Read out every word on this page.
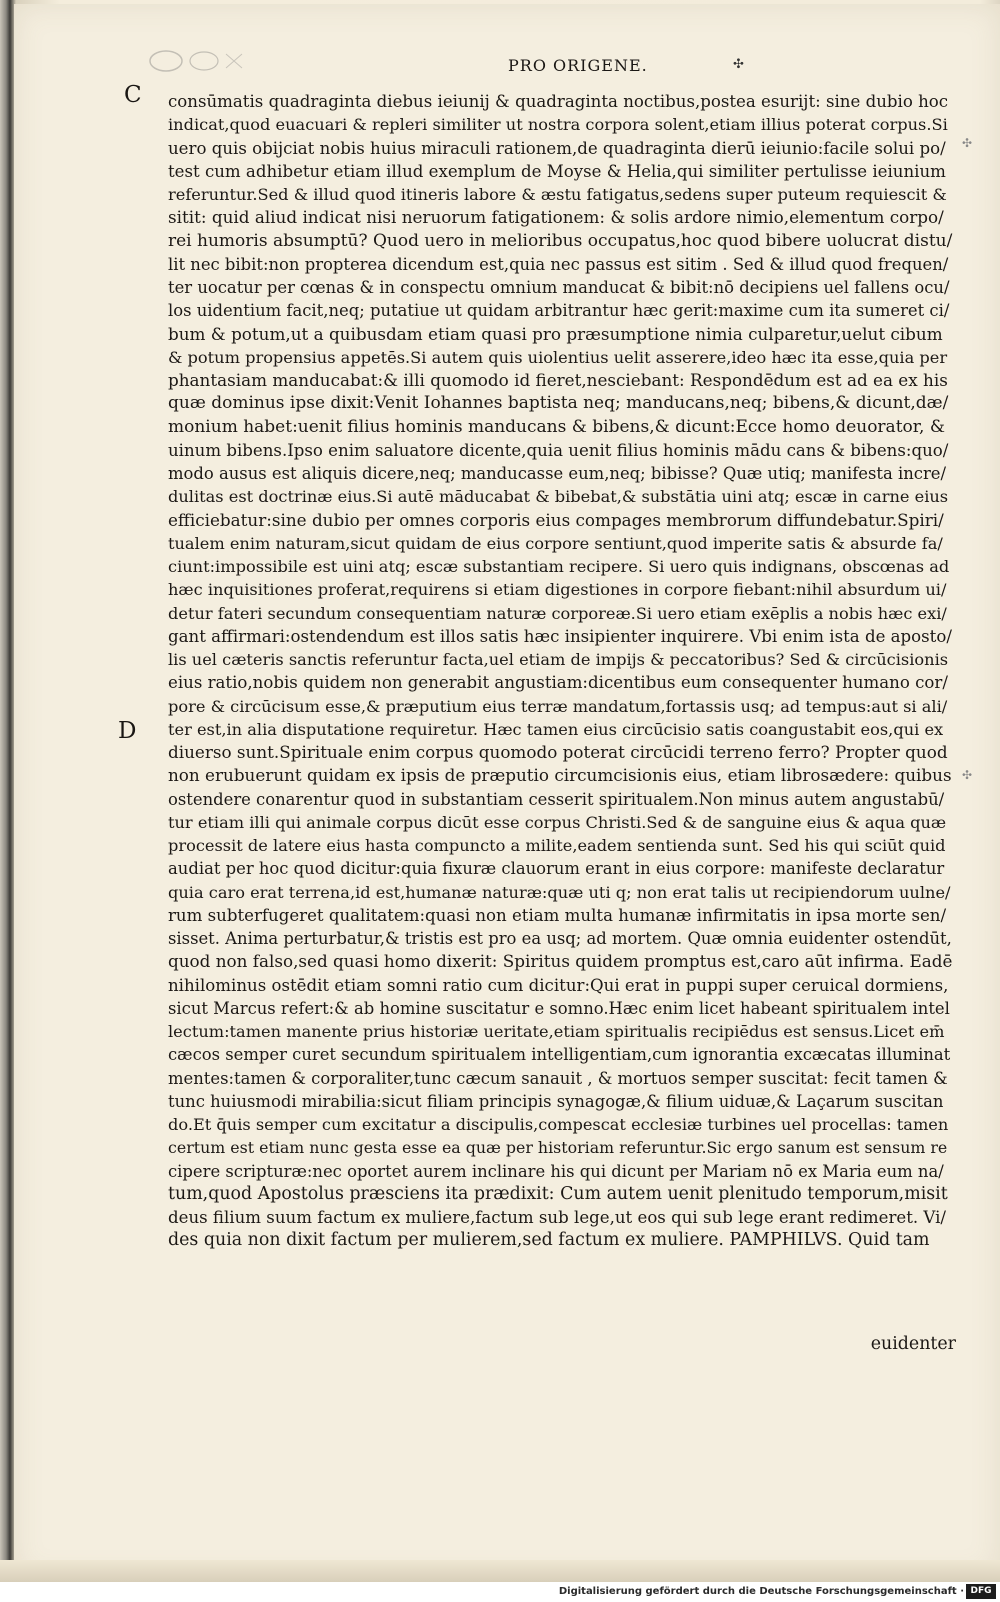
PRO ORIGENE.	✣
C
D
✣
✣
consūmatis quadraginta diebus ieiunij & quadraginta noctibus,postea esurijt: sine dubio hoc
indicat,quod euacuari & repleri similiter ut nostra corpora solent,etiam illius poterat corpus.Si
uero quis obijciat nobis huius miraculi rationem,de quadraginta dierū ieiunio:facile solui po/
test cum adhibetur etiam illud exemplum de Moyse & Helia,qui similiter pertulisse ieiunium
referuntur.Sed & illud quod itineris labore & æstu fatigatus,sedens super puteum requiescit &
sitit: quid aliud indicat nisi neruorum fatigationem: & solis ardore nimio,elementum corpo/
rei humoris absumptū? Quod uero in melioribus occupatus,hoc quod bibere uolucrat distu/
lit nec bibit:non propterea dicendum est,quia nec passus est sitim . Sed & illud quod frequen/
ter uocatur per cœnas & in conspectu omnium manducat & bibit:nō decipiens uel fallens ocu/
los uidentium facit,neq; putatiue ut quidam arbitrantur hæc gerit:maxime cum ita sumeret ci/
bum & potum,ut a quibusdam etiam quasi pro præsumptione nimia culparetur,uelut cibum
& potum propensius appetēs.Si autem quis uiolentius uelit asserere,ideo hæc ita esse,quia per
phantasiam manducabat:& illi quomodo id fieret,nesciebant: Respondēdum est ad ea ex his
quæ dominus ipse dixit:Venit Iohannes baptista neq; manducans,neq; bibens,& dicunt,dæ/
monium habet:uenit filius hominis manducans & bibens,& dicunt:Ecce homo deuorator, &
uinum bibens.Ipso enim saluatore dicente,quia uenit filius hominis mādu cans & bibens:quo/
modo ausus est aliquis dicere,neq; manducasse eum,neq; bibisse? Quæ utiq; manifesta incre/
dulitas est doctrinæ eius.Si autē māducabat & bibebat,& substātia uini atq; escæ in carne eius
efficiebatur:sine dubio per omnes corporis eius compages membrorum diffundebatur.Spiri/
tualem enim naturam,sicut quidam de eius corpore sentiunt,quod imperite satis & absurde fa/
ciunt:impossibile est uini atq; escæ substantiam recipere. Si uero quis indignans, obscœnas ad
hæc inquisitiones proferat,requirens si etiam digestiones in corpore fiebant:nihil absurdum ui/
detur fateri secundum consequentiam naturæ corporeæ.Si uero etiam exēplis a nobis hæc exi/
gant affirmari:ostendendum est illos satis hæc insipienter inquirere. Vbi enim ista de aposto/
lis uel cæteris sanctis referuntur facta,uel etiam de impijs & peccatoribus? Sed & circūcisionis
eius ratio,nobis quidem non generabit angustiam:dicentibus eum consequenter humano cor/
pore & circūcisum esse,& præputium eius terræ mandatum,fortassis usq; ad tempus:aut si ali/
ter est,in alia disputatione requiretur. Hæc tamen eius circūcisio satis coangustabit eos,qui ex
diuerso sunt.Spirituale enim corpus quomodo poterat circūcidi terreno ferro? Propter quod
non erubuerunt quidam ex ipsis de præputio circumcisionis eius, etiam librosædere: quibus
ostendere conarentur quod in substantiam cesserit spiritualem.Non minus autem angustabū/
tur etiam illi qui animale corpus dicūt esse corpus Christi.Sed & de sanguine eius & aqua quæ
processit de latere eius hasta compuncto a milite,eadem sentienda sunt. Sed his qui sciūt quid
audiat per hoc quod dicitur:quia fixuræ clauorum erant in eius corpore: manifeste declaratur
quia caro erat terrena,id est,humanæ naturæ:quæ uti q; non erat talis ut recipiendorum uulne/
rum subterfugeret qualitatem:quasi non etiam multa humanæ infirmitatis in ipsa morte sen/
sisset. Anima perturbatur,& tristis est pro ea usq; ad mortem. Quæ omnia euidenter ostendūt,
quod non falso,sed quasi homo dixerit: Spiritus quidem promptus est,caro aūt infirma. Eadē
nihilominus ostēdit etiam somni ratio cum dicitur:Qui erat in puppi super ceruical dormiens,
sicut Marcus refert:& ab homine suscitatur e somno.Hæc enim licet habeant spiritualem intel
lectum:tamen manente prius historiæ ueritate,etiam spiritualis recipiēdus est sensus.Licet em̄
cæcos semper curet secundum spiritualem intelligentiam,cum ignorantia excæcatas illuminat
mentes:tamen & corporaliter,tunc cæcum sanauit , & mortuos semper suscitat: fecit tamen &
tunc huiusmodi mirabilia:sicut filiam principis synagogæ,& filium uiduæ,& Laçarum suscitan
do.Et q̄uis semper cum excitatur a discipulis,compescat ecclesiæ turbines uel procellas: tamen
certum est etiam nunc gesta esse ea quæ per historiam referuntur.Sic ergo sanum est sensum re
cipere scripturæ:nec oportet aurem inclinare his qui dicunt per Mariam nō ex Maria eum na/
tum,quod Apostolus præsciens ita prædixit: Cum autem uenit plenitudo temporum,misit
deus filium suum factum ex muliere,factum sub lege,ut eos qui sub lege erant redimeret. Vi/
des quia non dixit factum per mulierem,sed factum ex muliere. PAMPHILVS. Quid tam
euidenter
Digitalisierung gefördert durch die Deutsche Forschungsgemeinschaft · DFG
